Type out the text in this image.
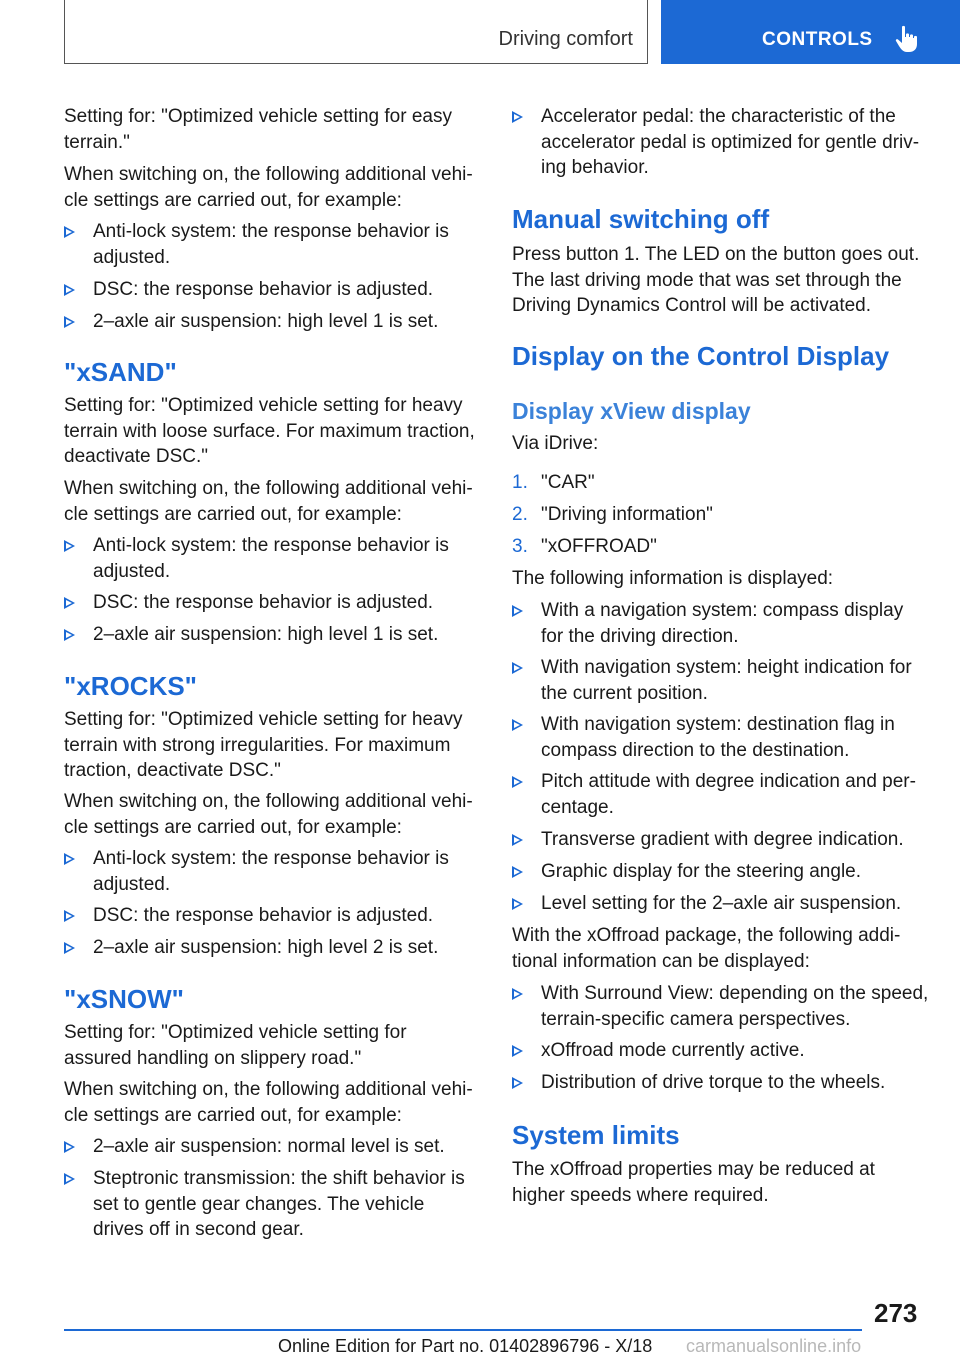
Driving comfort	CONTROLS

Setting for: "Optimized vehicle setting for easy terrain."

When switching on, the following additional vehicle settings are carried out, for example:

Anti-lock system: the response behavior is adjusted.
DSC: the response behavior is adjusted.
2–axle air suspension: high level 1 is set.
"xSAND"

Setting for: "Optimized vehicle setting for heavy terrain with loose surface. For maximum traction, deactivate DSC."

When switching on, the following additional vehicle settings are carried out, for example:

Anti-lock system: the response behavior is adjusted.
DSC: the response behavior is adjusted.
2–axle air suspension: high level 1 is set.
"xROCKS"

Setting for: "Optimized vehicle setting for heavy terrain with strong irregularities. For maximum traction, deactivate DSC."

When switching on, the following additional vehicle settings are carried out, for example:

Anti-lock system: the response behavior is adjusted.
DSC: the response behavior is adjusted.
2–axle air suspension: high level 2 is set.
"xSNOW"

Setting for: "Optimized vehicle setting for assured handling on slippery road."

When switching on, the following additional vehicle settings are carried out, for example:

2–axle air suspension: normal level is set.
Steptronic transmission: the shift behavior is set to gentle gear changes. The vehicle drives off in second gear.
Accelerator pedal: the characteristic of the accelerator pedal is optimized for gentle driving behavior.
Manual switching off

Press button 1. The LED on the button goes out. The last driving mode that was set through the Driving Dynamics Control will be activated.

Display on the Control Display
Display xView display

Via iDrive:

1. "CAR"
2. "Driving information"
3. "xOFFROAD"

The following information is displayed:

With a navigation system: compass display for the driving direction.
With navigation system: height indication for the current position.
With navigation system: destination flag in compass direction to the destination.
Pitch attitude with degree indication and percentage.
Transverse gradient with degree indication.
Graphic display for the steering angle.
Level setting for the 2–axle air suspension.

With the xOffroad package, the following additional information can be displayed:

With Surround View: depending on the speed, terrain-specific camera perspectives.
xOffroad mode currently active.
Distribution of drive torque to the wheels.
System limits

The xOffroad properties may be reduced at higher speeds where required.

273
Online Edition for Part no. 01402896796 - X/18 carmanualsonline.info
